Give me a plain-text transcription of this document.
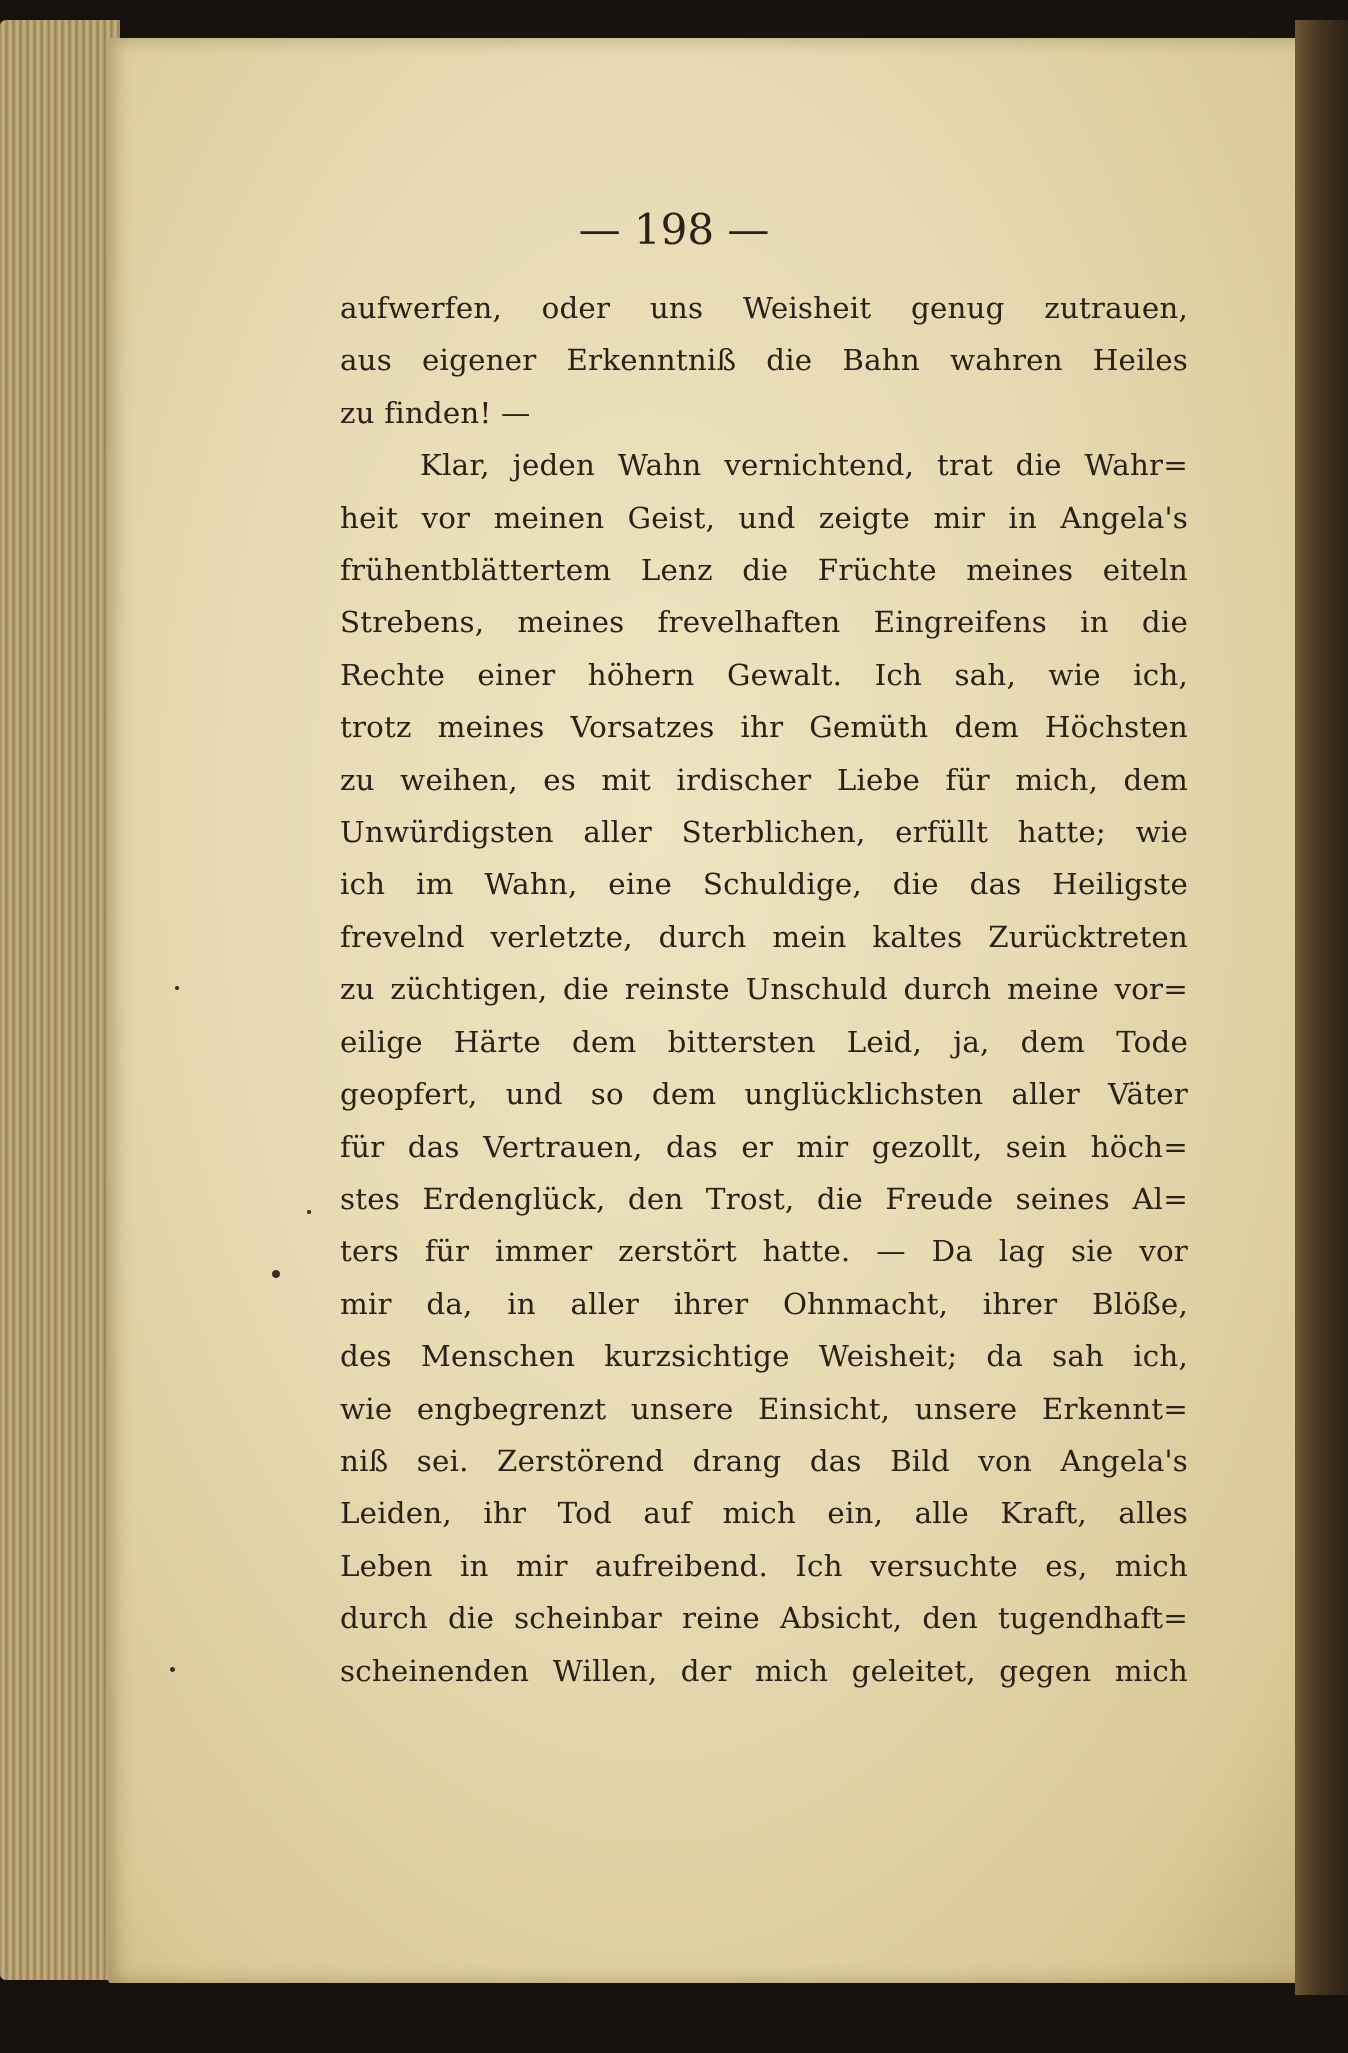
— 198 —
aufwerfen, oder uns Weisheit genug zutrauen,
aus eigener Erkenntniß die Bahn wahren Heiles
zu finden! —
Klar, jeden Wahn vernichtend, trat die Wahr=
heit vor meinen Geist, und zeigte mir in Angela's
frühentblättertem Lenz die Früchte meines eiteln
Strebens, meines frevelhaften Eingreifens in die
Rechte einer höhern Gewalt. Ich sah, wie ich,
trotz meines Vorsatzes ihr Gemüth dem Höchsten
zu weihen, es mit irdischer Liebe für mich, dem
Unwürdigsten aller Sterblichen, erfüllt hatte; wie
ich im Wahn, eine Schuldige, die das Heiligste
frevelnd verletzte, durch mein kaltes Zurücktreten
zu züchtigen, die reinste Unschuld durch meine vor=
eilige Härte dem bittersten Leid, ja, dem Tode
geopfert, und so dem unglücklichsten aller Väter
für das Vertrauen, das er mir gezollt, sein höch=
stes Erdenglück, den Trost, die Freude seines Al=
ters für immer zerstört hatte. — Da lag sie vor
mir da, in aller ihrer Ohnmacht, ihrer Blöße,
des Menschen kurzsichtige Weisheit; da sah ich,
wie engbegrenzt unsere Einsicht, unsere Erkennt=
niß sei. Zerstörend drang das Bild von Angela's
Leiden, ihr Tod auf mich ein, alle Kraft, alles
Leben in mir aufreibend. Ich versuchte es, mich
durch die scheinbar reine Absicht, den tugendhaft=
scheinenden Willen, der mich geleitet, gegen mich
